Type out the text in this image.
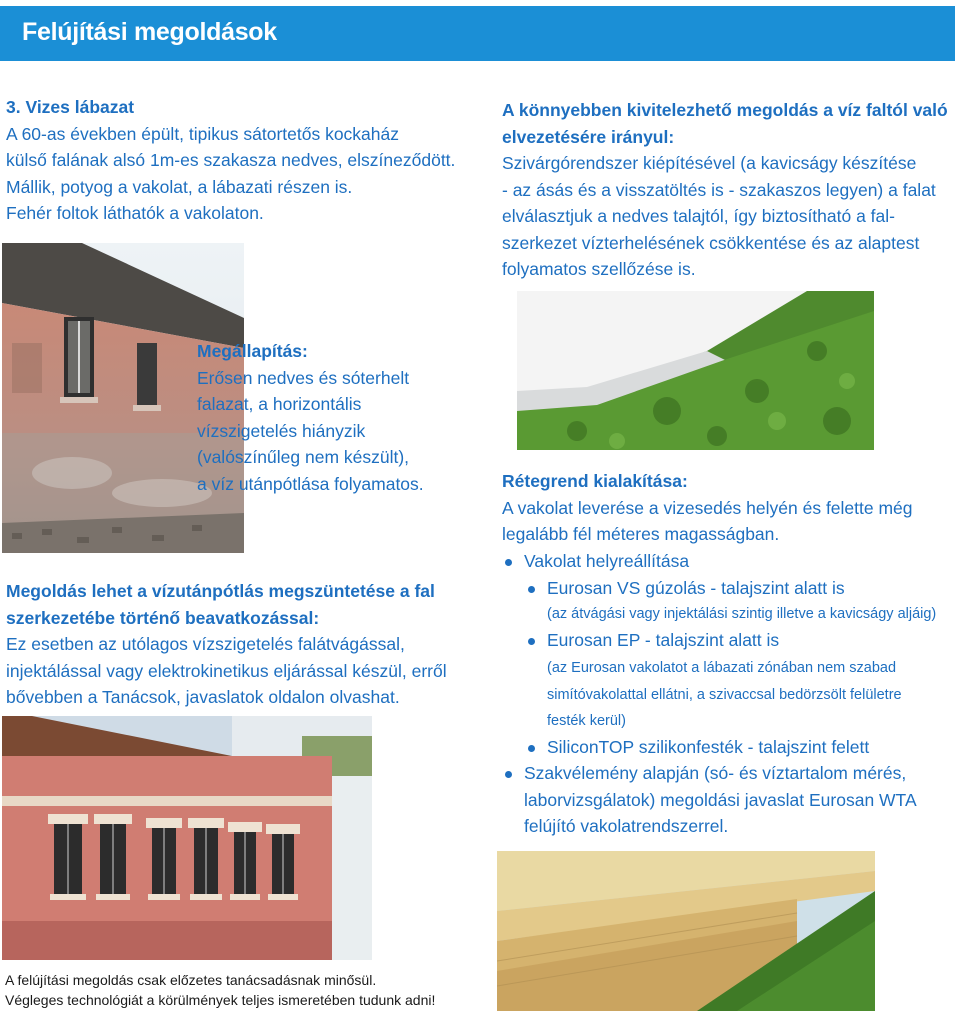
Felújítási megoldások
3. Vizes lábazat
A 60-as években épült, tipikus sátortetős kockaház
külső falának alsó 1m-es szakasza nedves, elszíneződött.
Mállik, potyog a vakolat, a lábazati részen is.
Fehér foltok láthatók a vakolaton.
Megállapítás:
Erősen nedves és sóterhelt
falazat, a horizontális
vízszigetelés hiányzik
(valószínűleg nem készült),
a víz utánpótlása folyamatos.
Megoldás lehet a vízutánpótlás megszüntetése a fal
szerkezetébe történő beavatkozással:
Ez esetben az utólagos vízszigetelés falátvágással,
injektálással vagy elektrokinetikus eljárással készül, erről
bővebben a Tanácsok, javaslatok oldalon olvashat.
A könnyebben kivitelezhető megoldás a víz faltól való
elvezetésére irányul:
Szivárgórendszer kiépítésével (a kavicságy készítése
- az ásás és a visszatöltés is - szakaszos legyen) a falat
elválasztjuk a nedves talajtól, így biztosítható a fal-
szerkezet vízterhelésének csökkentése és az alaptest
folyamatos szellőzése is.
Rétegrend kialakítása:
A vakolat leverése a vizesedés helyén és felette még
legalább fél méteres magasságban.
Vakolat helyreállítása
Eurosan VS gúzolás - talajszint alatt is
(az átvágási vagy injektálási szintig illetve a kavicságy aljáig)
Eurosan EP - talajszint alatt is
(az Eurosan vakolatot a lábazati zónában nem szabad
simítóvakolattal ellátni, a szivaccsal bedörzsölt felületre
festék kerül)
SiliconTOP szilikonfesték - talajszint felett
Szakvélemény alapján (só- és víztartalom mérés,
laborvizsgálatok) megoldási javaslat Eurosan WTA
felújító vakolatrendszerrel.
A felújítási megoldás csak előzetes tanácsadásnak minősül.
Végleges technológiát a körülmények teljes ismeretében tudunk adni!
